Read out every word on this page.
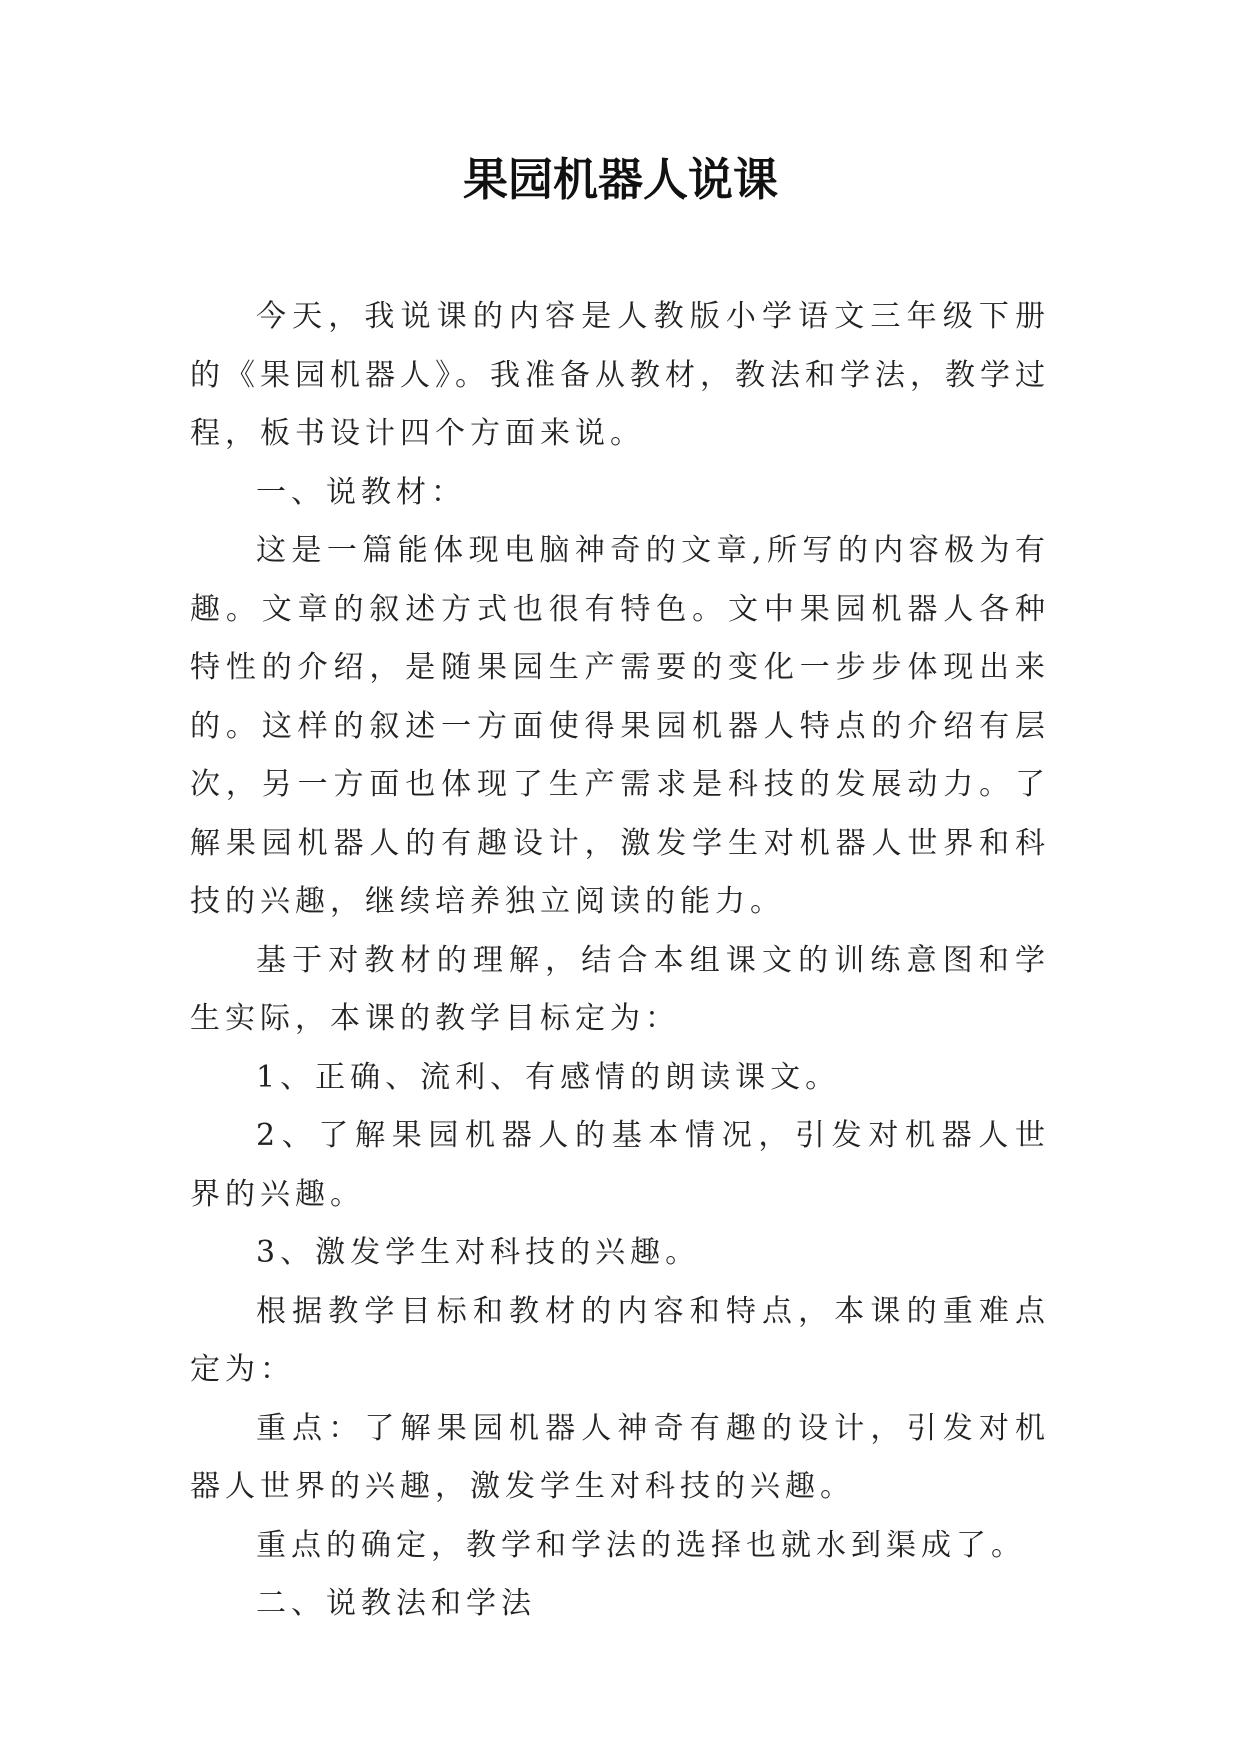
果园机器人说课

今天，我说课的内容是人教版小学语文三年级下册的《果园机器人》。我准备从教材，教法和学法，教学过程，板书设计四个方面来说。

一、说教材：

这是一篇能体现电脑神奇的文章,所写的内容极为有趣。文章的叙述方式也很有特色。文中果园机器人各种特性的介绍，是随果园生产需要的变化一步步体现出来的。这样的叙述一方面使得果园机器人特点的介绍有层次，另一方面也体现了生产需求是科技的发展动力。了解果园机器人的有趣设计，激发学生对机器人世界和科技的兴趣，继续培养独立阅读的能力。

基于对教材的理解，结合本组课文的训练意图和学生实际，本课的教学目标定为：

1、正确、流利、有感情的朗读课文。

2、了解果园机器人的基本情况，引发对机器人世界的兴趣。

3、激发学生对科技的兴趣。

根据教学目标和教材的内容和特点，本课的重难点定为：

重点：了解果园机器人神奇有趣的设计，引发对机器人世界的兴趣，激发学生对科技的兴趣。

重点的确定，教学和学法的选择也就水到渠成了。

二、说教法和学法
